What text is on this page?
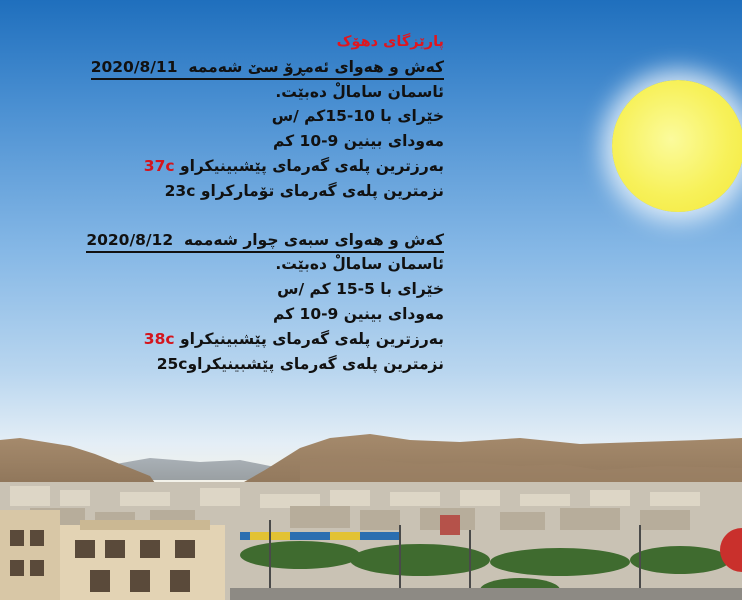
پارێزگای دهۆک
کەش و هەوای ئەمڕۆ سێ شەممە  2020/8/11
ئاسمان سامالْ دەبێت.
خێرای با 10-15کم /س
مەودای بینین 9-10 کم
بەرزترین پلەی گەرمای پێشبینیکراو 37c
نزمترین پلەی گەرمای تۆمارکراو 23c
کەش و هەوای سبەی چوار شەممە  2020/8/12
ئاسمان سامالْ دەبێت.
خێرای با 5-15 کم /س
مەودای بینین 9-10 کم
بەرزترین پلەی گەرمای پێشبینیکراو 38c
نزمترین پلەی گەرمای پێشبینیکراو25c
